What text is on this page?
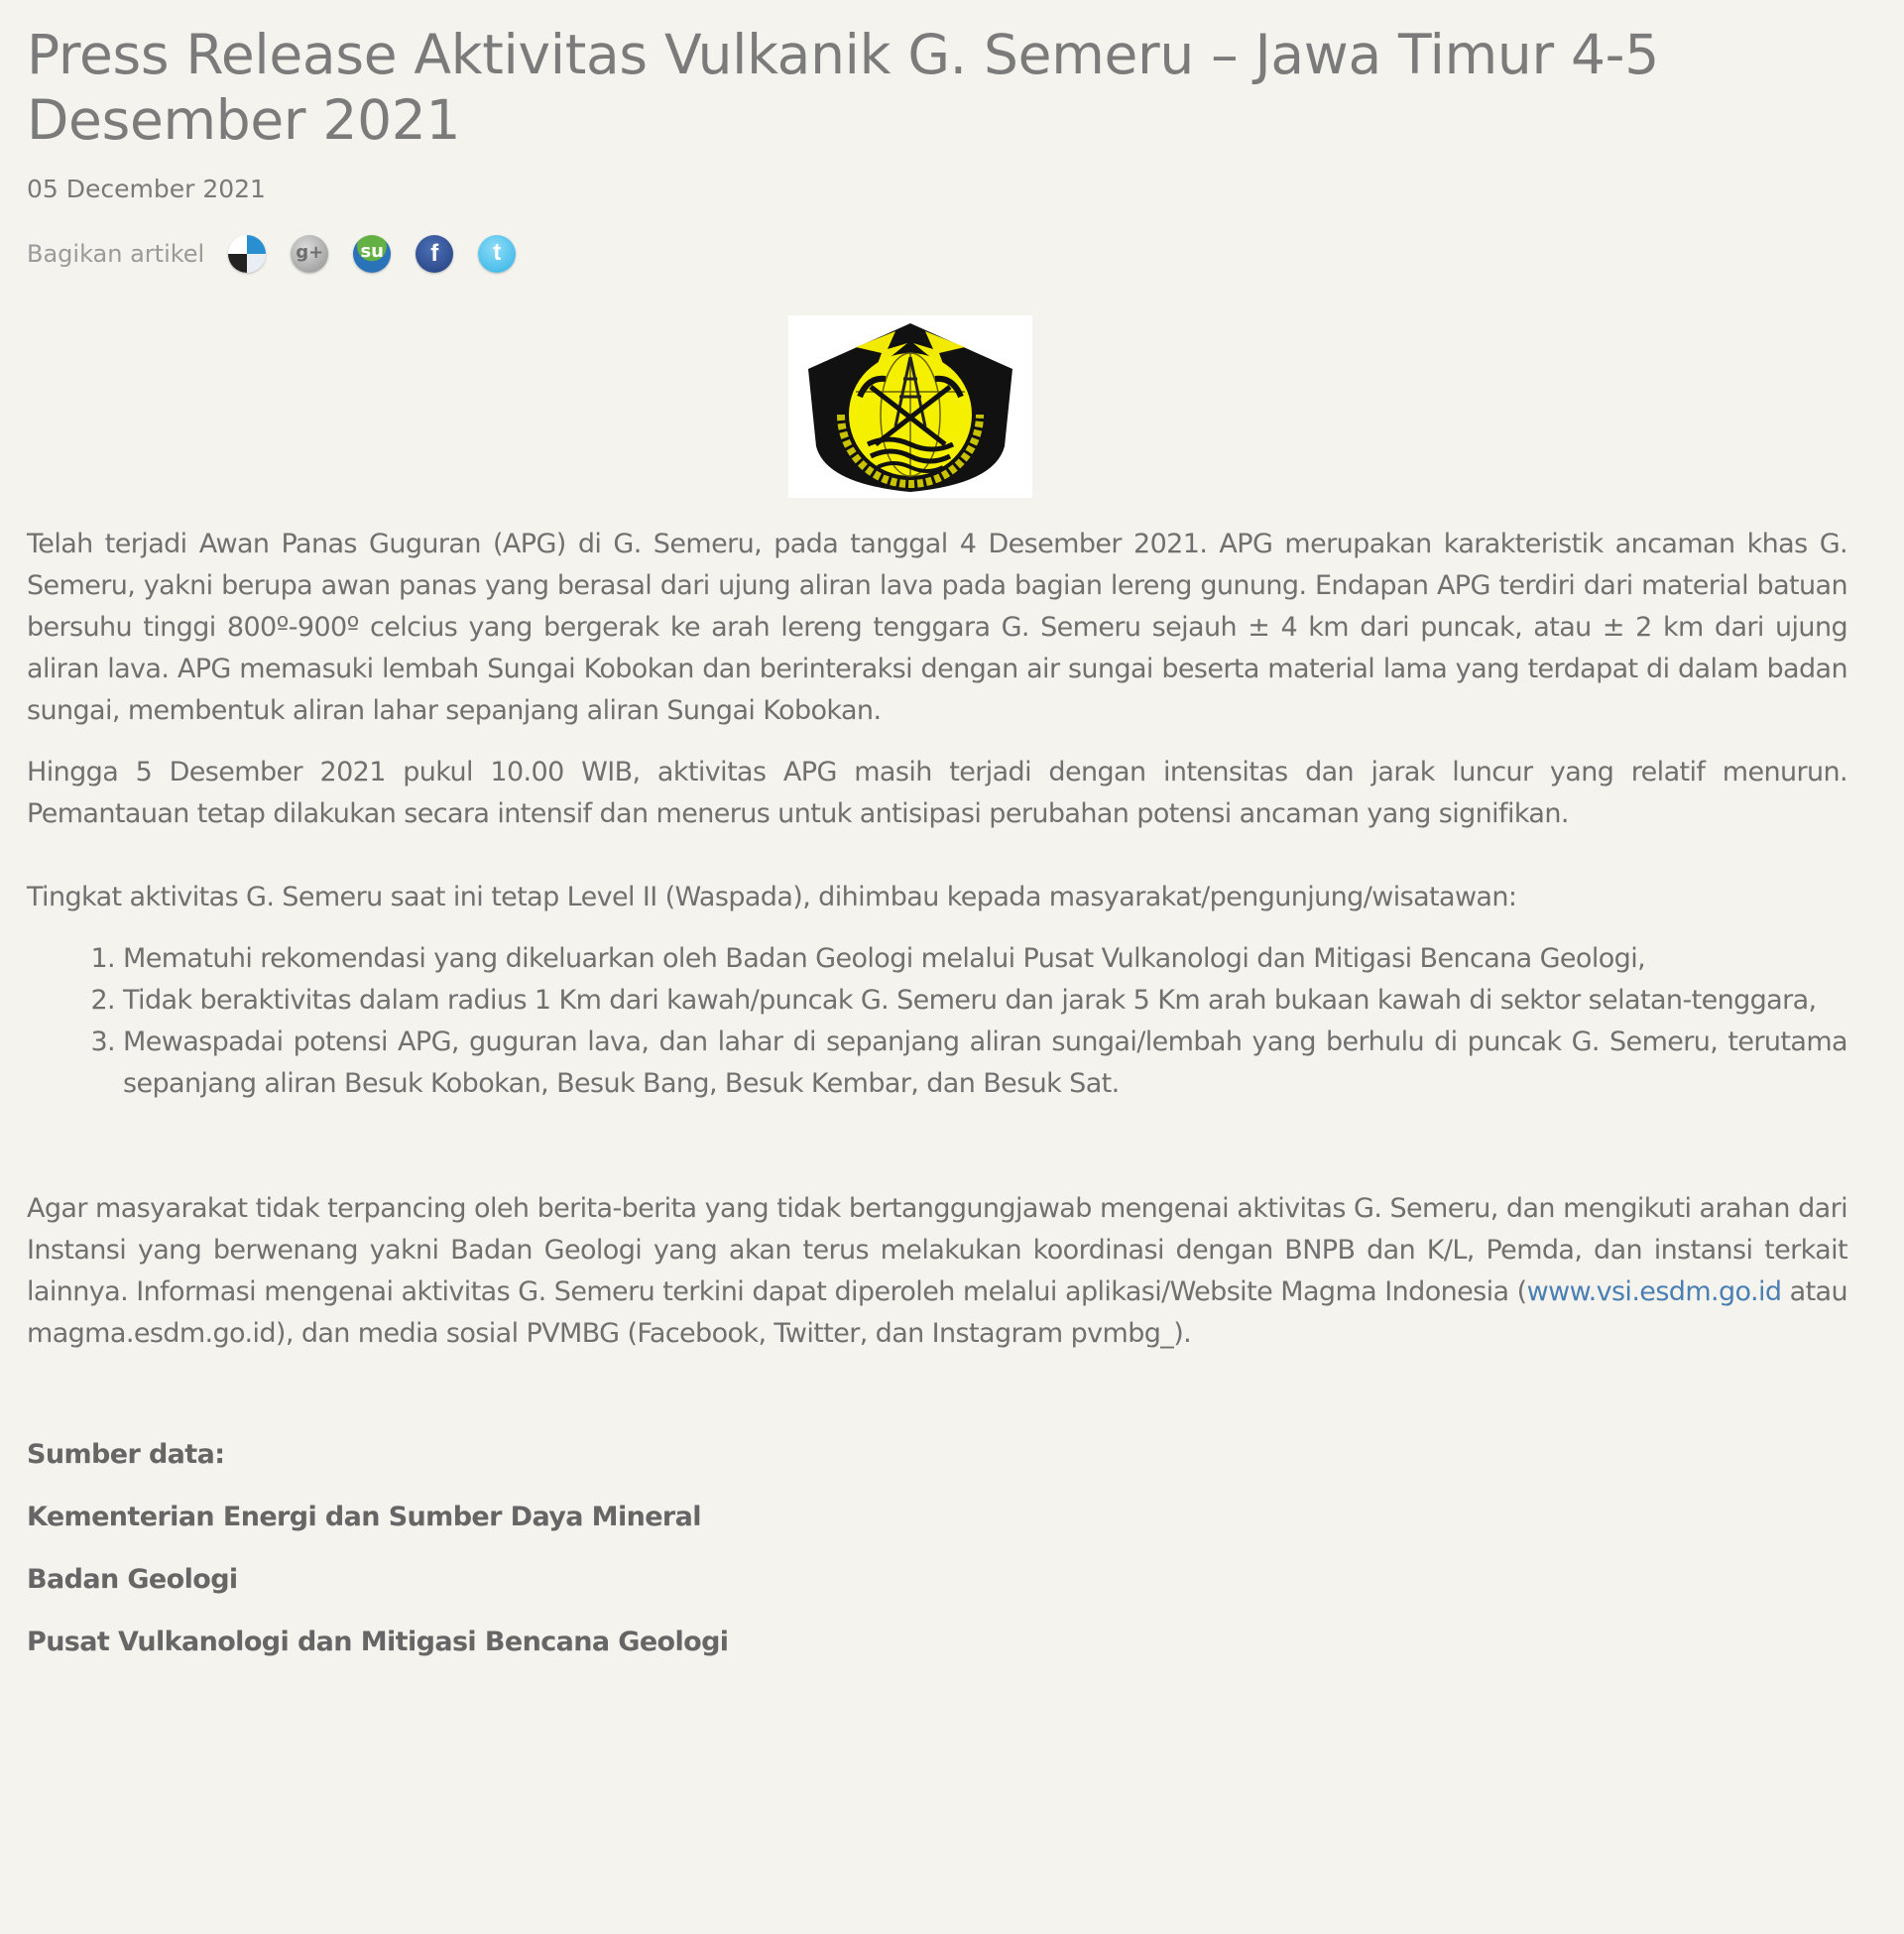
Press Release Aktivitas Vulkanik G. Semeru – Jawa Timur 4-5 Desember 2021
05 December 2021
Bagikan artikel
g+
su
f
t

Telah terjadi Awan Panas Guguran (APG) di G. Semeru, pada tanggal 4 Desember 2021. APG merupakan karakteristik ancaman khas G. Semeru, yakni berupa awan panas yang berasal dari ujung aliran lava pada bagian lereng gunung. Endapan APG terdiri dari material batuan bersuhu tinggi 800º-900º celcius yang bergerak ke arah lereng tenggara G. Semeru sejauh ± 4 km dari puncak, atau ± 2 km dari ujung aliran lava. APG memasuki lembah Sungai Kobokan dan berinteraksi dengan air sungai beserta material lama yang terdapat di dalam badan sungai, membentuk aliran lahar sepanjang aliran Sungai Kobokan.

Hingga 5 Desember 2021 pukul 10.00 WIB, aktivitas APG masih terjadi dengan intensitas dan jarak luncur yang relatif menurun. Pemantauan tetap dilakukan secara intensif dan menerus untuk antisipasi perubahan potensi ancaman yang signifikan.

Tingkat aktivitas G. Semeru saat ini tetap Level II (Waspada), dihimbau kepada masyarakat/pengunjung/wisatawan:

1. Mematuhi rekomendasi yang dikeluarkan oleh Badan Geologi melalui Pusat Vulkanologi dan Mitigasi Bencana Geologi,
2. Tidak beraktivitas dalam radius 1 Km dari kawah/puncak G. Semeru dan jarak 5 Km arah bukaan kawah di sektor selatan-tenggara,
3. Mewaspadai potensi APG, guguran lava, dan lahar di sepanjang aliran sungai/lembah yang berhulu di puncak G. Semeru, terutama sepanjang aliran Besuk Kobokan, Besuk Bang, Besuk Kembar, dan Besuk Sat.

Agar masyarakat tidak terpancing oleh berita-berita yang tidak bertanggungjawab mengenai aktivitas G. Semeru, dan mengikuti arahan dari Instansi yang berwenang yakni Badan Geologi yang akan terus melakukan koordinasi dengan BNPB dan K/L, Pemda, dan instansi terkait lainnya. Informasi mengenai aktivitas G. Semeru terkini dapat diperoleh melalui aplikasi/Website Magma Indonesia (www.vsi.esdm.go.id atau magma.esdm.go.id), dan media sosial PVMBG (Facebook, Twitter, dan Instagram pvmbg_).

Sumber data:
Kementerian Energi dan Sumber Daya Mineral
Badan Geologi
Pusat Vulkanologi dan Mitigasi Bencana Geologi
